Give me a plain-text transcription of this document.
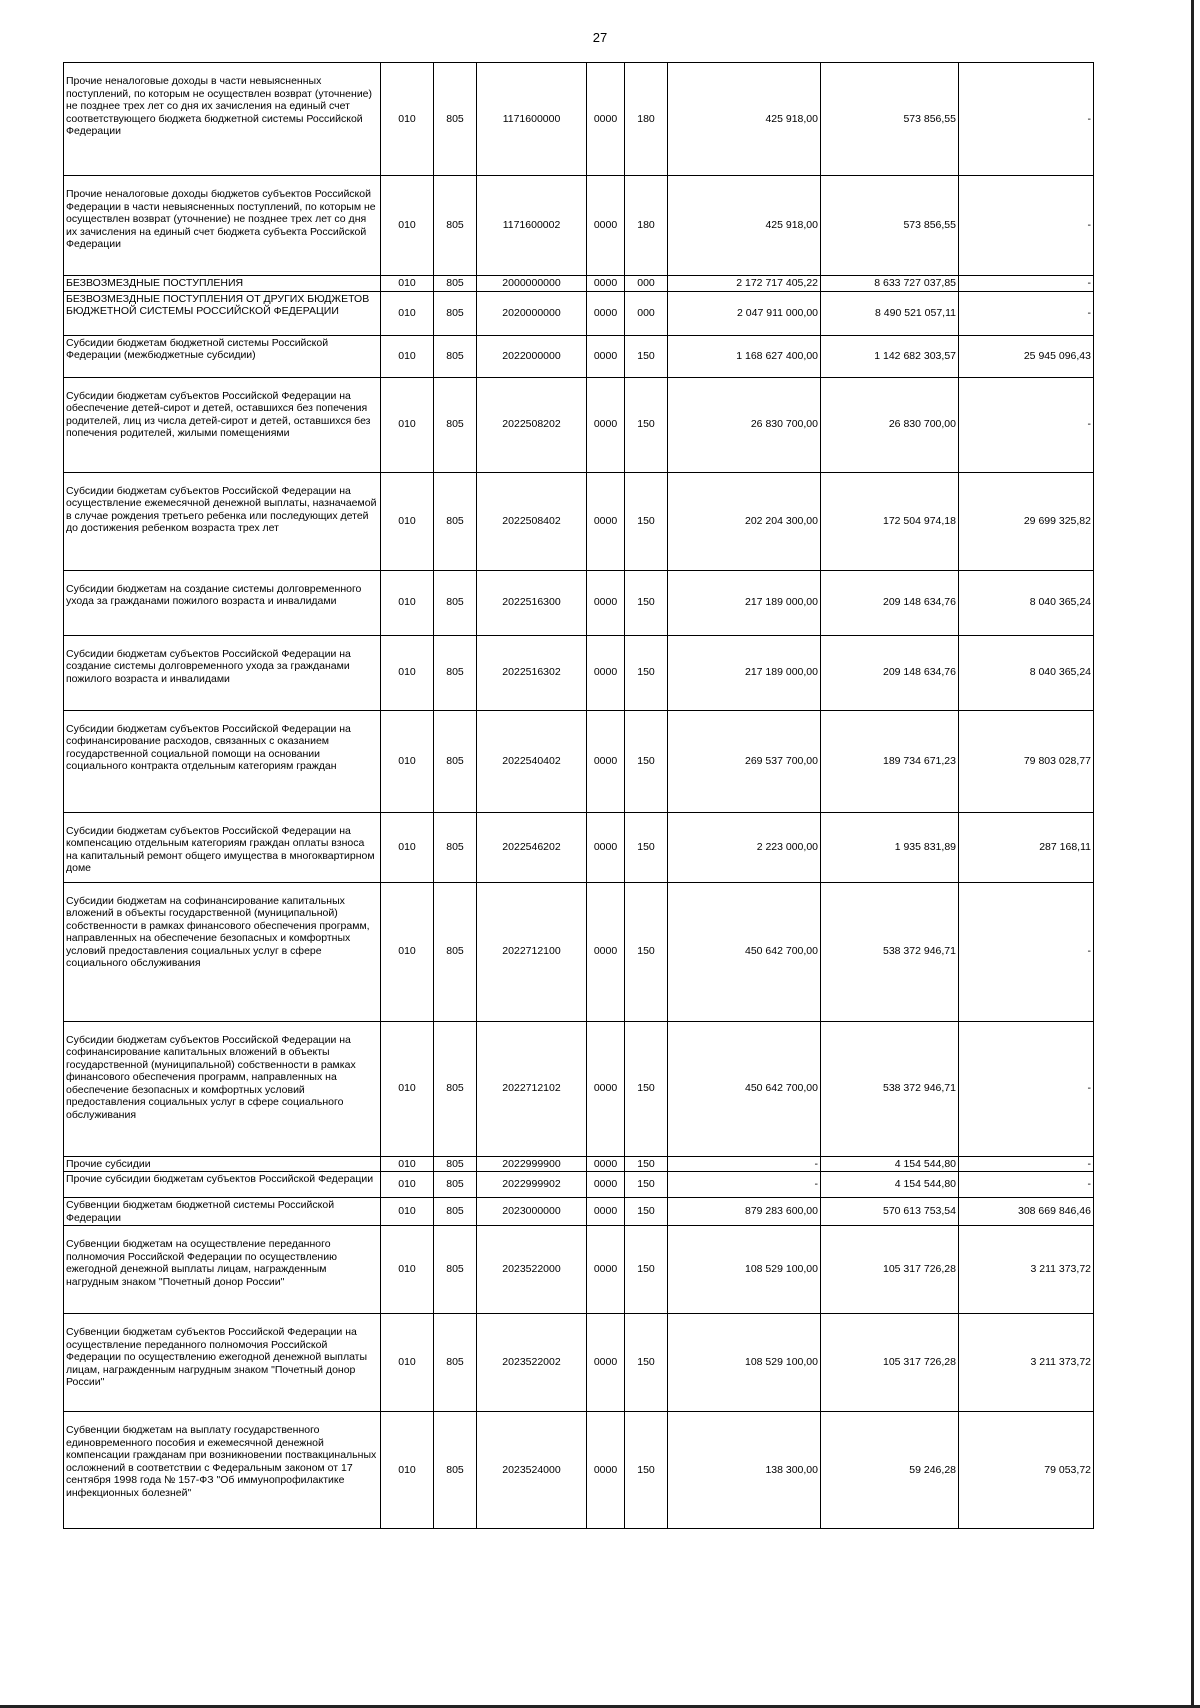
27
Прочие неналоговые доходы в части невыясненных поступлений, по которым не осуществлен возврат (уточнение) не позднее трех лет со дня их зачисления на единый счет соответствующего бюджета бюджетной системы Российской Федерации	010	805	1171600000	0000	180	425 918,00	573 856,55	-
Прочие неналоговые доходы бюджетов субъектов Российской Федерации в части невыясненных поступлений, по которым не осуществлен возврат (уточнение) не позднее трех лет со дня их зачисления на единый счет бюджета субъекта Российской Федерации	010	805	1171600002	0000	180	425 918,00	573 856,55	-
БЕЗВОЗМЕЗДНЫЕ ПОСТУПЛЕНИЯ	010	805	2000000000	0000	000	2 172 717 405,22	8 633 727 037,85	-
БЕЗВОЗМЕЗДНЫЕ ПОСТУПЛЕНИЯ ОТ ДРУГИХ БЮДЖЕТОВ БЮДЖЕТНОЙ СИСТЕМЫ РОССИЙСКОЙ ФЕДЕРАЦИИ	010	805	2020000000	0000	000	2 047 911 000,00	8 490 521 057,11	-
Субсидии бюджетам бюджетной системы Российской Федерации (межбюджетные субсидии)	010	805	2022000000	0000	150	1 168 627 400,00	1 142 682 303,57	25 945 096,43
Субсидии бюджетам субъектов Российской Федерации на обеспечение детей-сирот и детей, оставшихся без попечения родителей, лиц из числа детей-сирот и детей, оставшихся без попечения родителей, жилыми помещениями	010	805	2022508202	0000	150	26 830 700,00	26 830 700,00	-
Субсидии бюджетам субъектов Российской Федерации на осуществление ежемесячной денежной выплаты, назначаемой в случае рождения третьего ребенка или последующих детей до достижения ребенком возраста трех лет	010	805	2022508402	0000	150	202 204 300,00	172 504 974,18	29 699 325,82
Субсидии бюджетам на создание системы долговременного ухода за гражданами пожилого возраста и инвалидами	010	805	2022516300	0000	150	217 189 000,00	209 148 634,76	8 040 365,24
Субсидии бюджетам субъектов Российской Федерации на создание системы долговременного ухода за гражданами пожилого возраста и инвалидами	010	805	2022516302	0000	150	217 189 000,00	209 148 634,76	8 040 365,24
Субсидии бюджетам субъектов Российской Федерации на софинансирование расходов, связанных с оказанием государственной социальной помощи на основании социального контракта отдельным категориям граждан	010	805	2022540402	0000	150	269 537 700,00	189 734 671,23	79 803 028,77
Субсидии бюджетам субъектов Российской Федерации на компенсацию отдельным категориям граждан оплаты взноса на капитальный ремонт общего имущества в многоквартирном доме	010	805	2022546202	0000	150	2 223 000,00	1 935 831,89	287 168,11
Субсидии бюджетам на софинансирование капитальных вложений в объекты государственной (муниципальной) собственности в рамках финансового обеспечения программ, направленных на обеспечение безопасных и комфортных условий предоставления социальных услуг в сфере социального обслуживания	010	805	2022712100	0000	150	450 642 700,00	538 372 946,71	-
Субсидии бюджетам субъектов Российской Федерации на софинансирование капитальных вложений в объекты государственной (муниципальной) собственности в рамках финансового обеспечения программ, направленных на обеспечение безопасных и комфортных условий предоставления социальных услуг в сфере социального обслуживания	010	805	2022712102	0000	150	450 642 700,00	538 372 946,71	-
Прочие субсидии	010	805	2022999900	0000	150	-	4 154 544,80	-
Прочие субсидии бюджетам субъектов Российской Федерации	010	805	2022999902	0000	150	-	4 154 544,80	-
Субвенции бюджетам бюджетной системы Российской Федерации	010	805	2023000000	0000	150	879 283 600,00	570 613 753,54	308 669 846,46
Субвенции бюджетам на осуществление переданного полномочия Российской Федерации по осуществлению ежегодной денежной выплаты лицам, награжденным нагрудным знаком "Почетный донор России"	010	805	2023522000	0000	150	108 529 100,00	105 317 726,28	3 211 373,72
Субвенции бюджетам субъектов Российской Федерации на осуществление переданного полномочия Российской Федерации по осуществлению ежегодной денежной выплаты лицам, награжденным нагрудным знаком "Почетный донор России"	010	805	2023522002	0000	150	108 529 100,00	105 317 726,28	3 211 373,72
Субвенции бюджетам на выплату государственного единовременного пособия и ежемесячной денежной компенсации гражданам при возникновении поствакцинальных осложнений в соответствии с Федеральным законом от 17 сентября 1998 года № 157-ФЗ "Об иммунопрофилактике инфекционных болезней"	010	805	2023524000	0000	150	138 300,00	59 246,28	79 053,72
